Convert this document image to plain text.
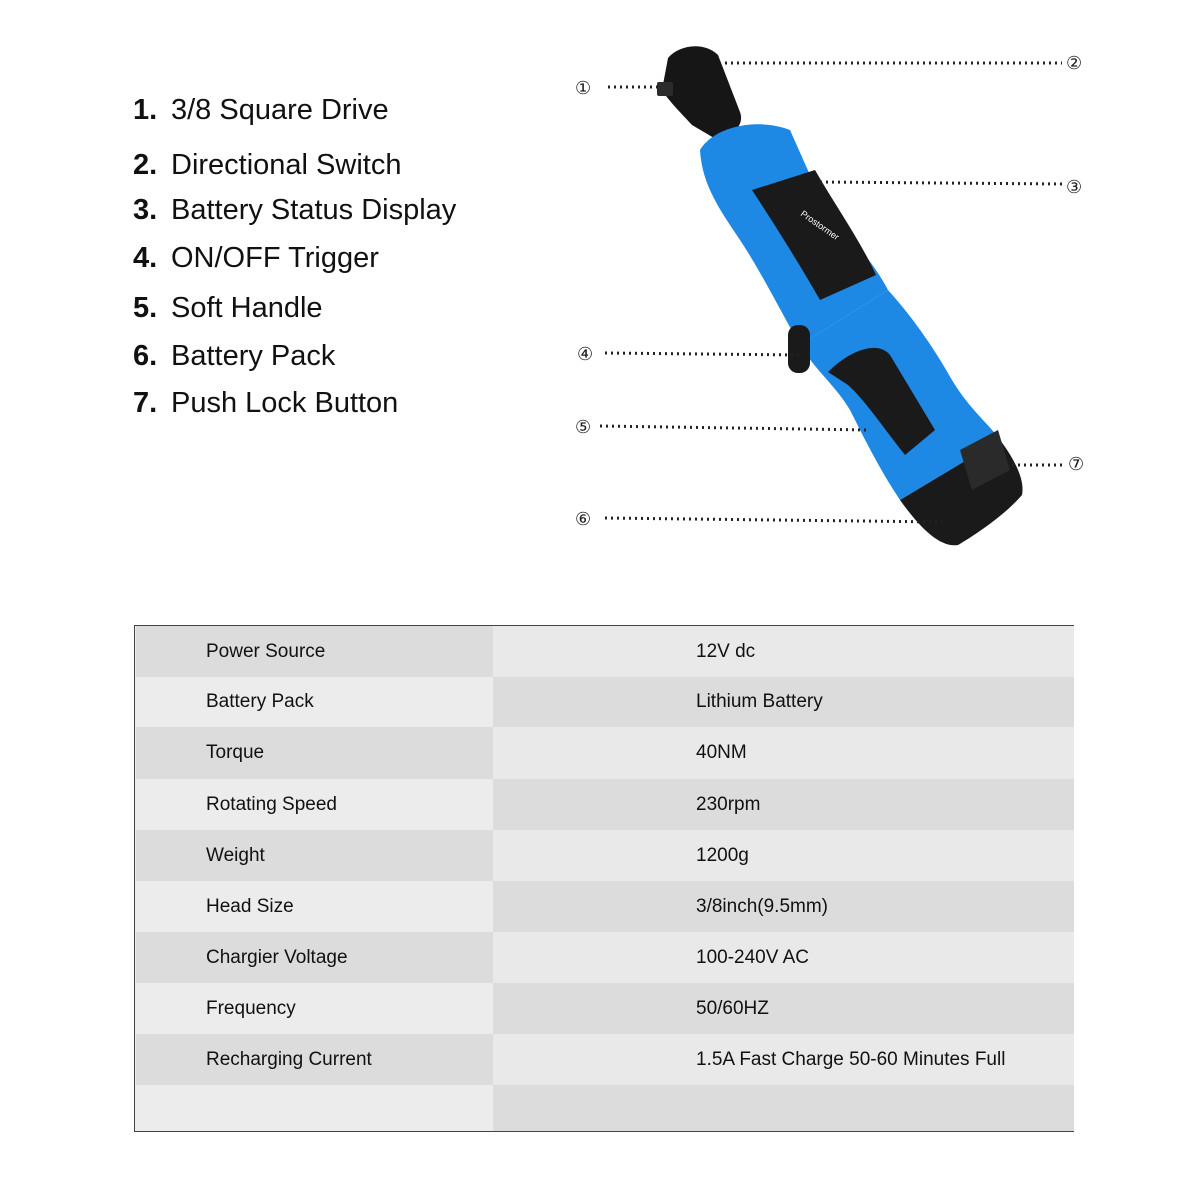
1. 3/8 Square Drive
2. Directional Switch
3. Battery Status Display
4. ON/OFF Trigger
5. Soft Handle
6. Battery Pack
7. Push Lock Button
Prostormer
①
②
③
④
⑤
⑥
⑦
Power Source	12V dc
Battery Pack	Lithium Battery
Torque	40NM
Rotating Speed	230rpm
Weight	1200g
Head Size	3/8inch(9.5mm)
Chargier Voltage	100-240V AC
Frequency	50/60HZ
Recharging Current	1.5A Fast Charge 50-60 Minutes Full
